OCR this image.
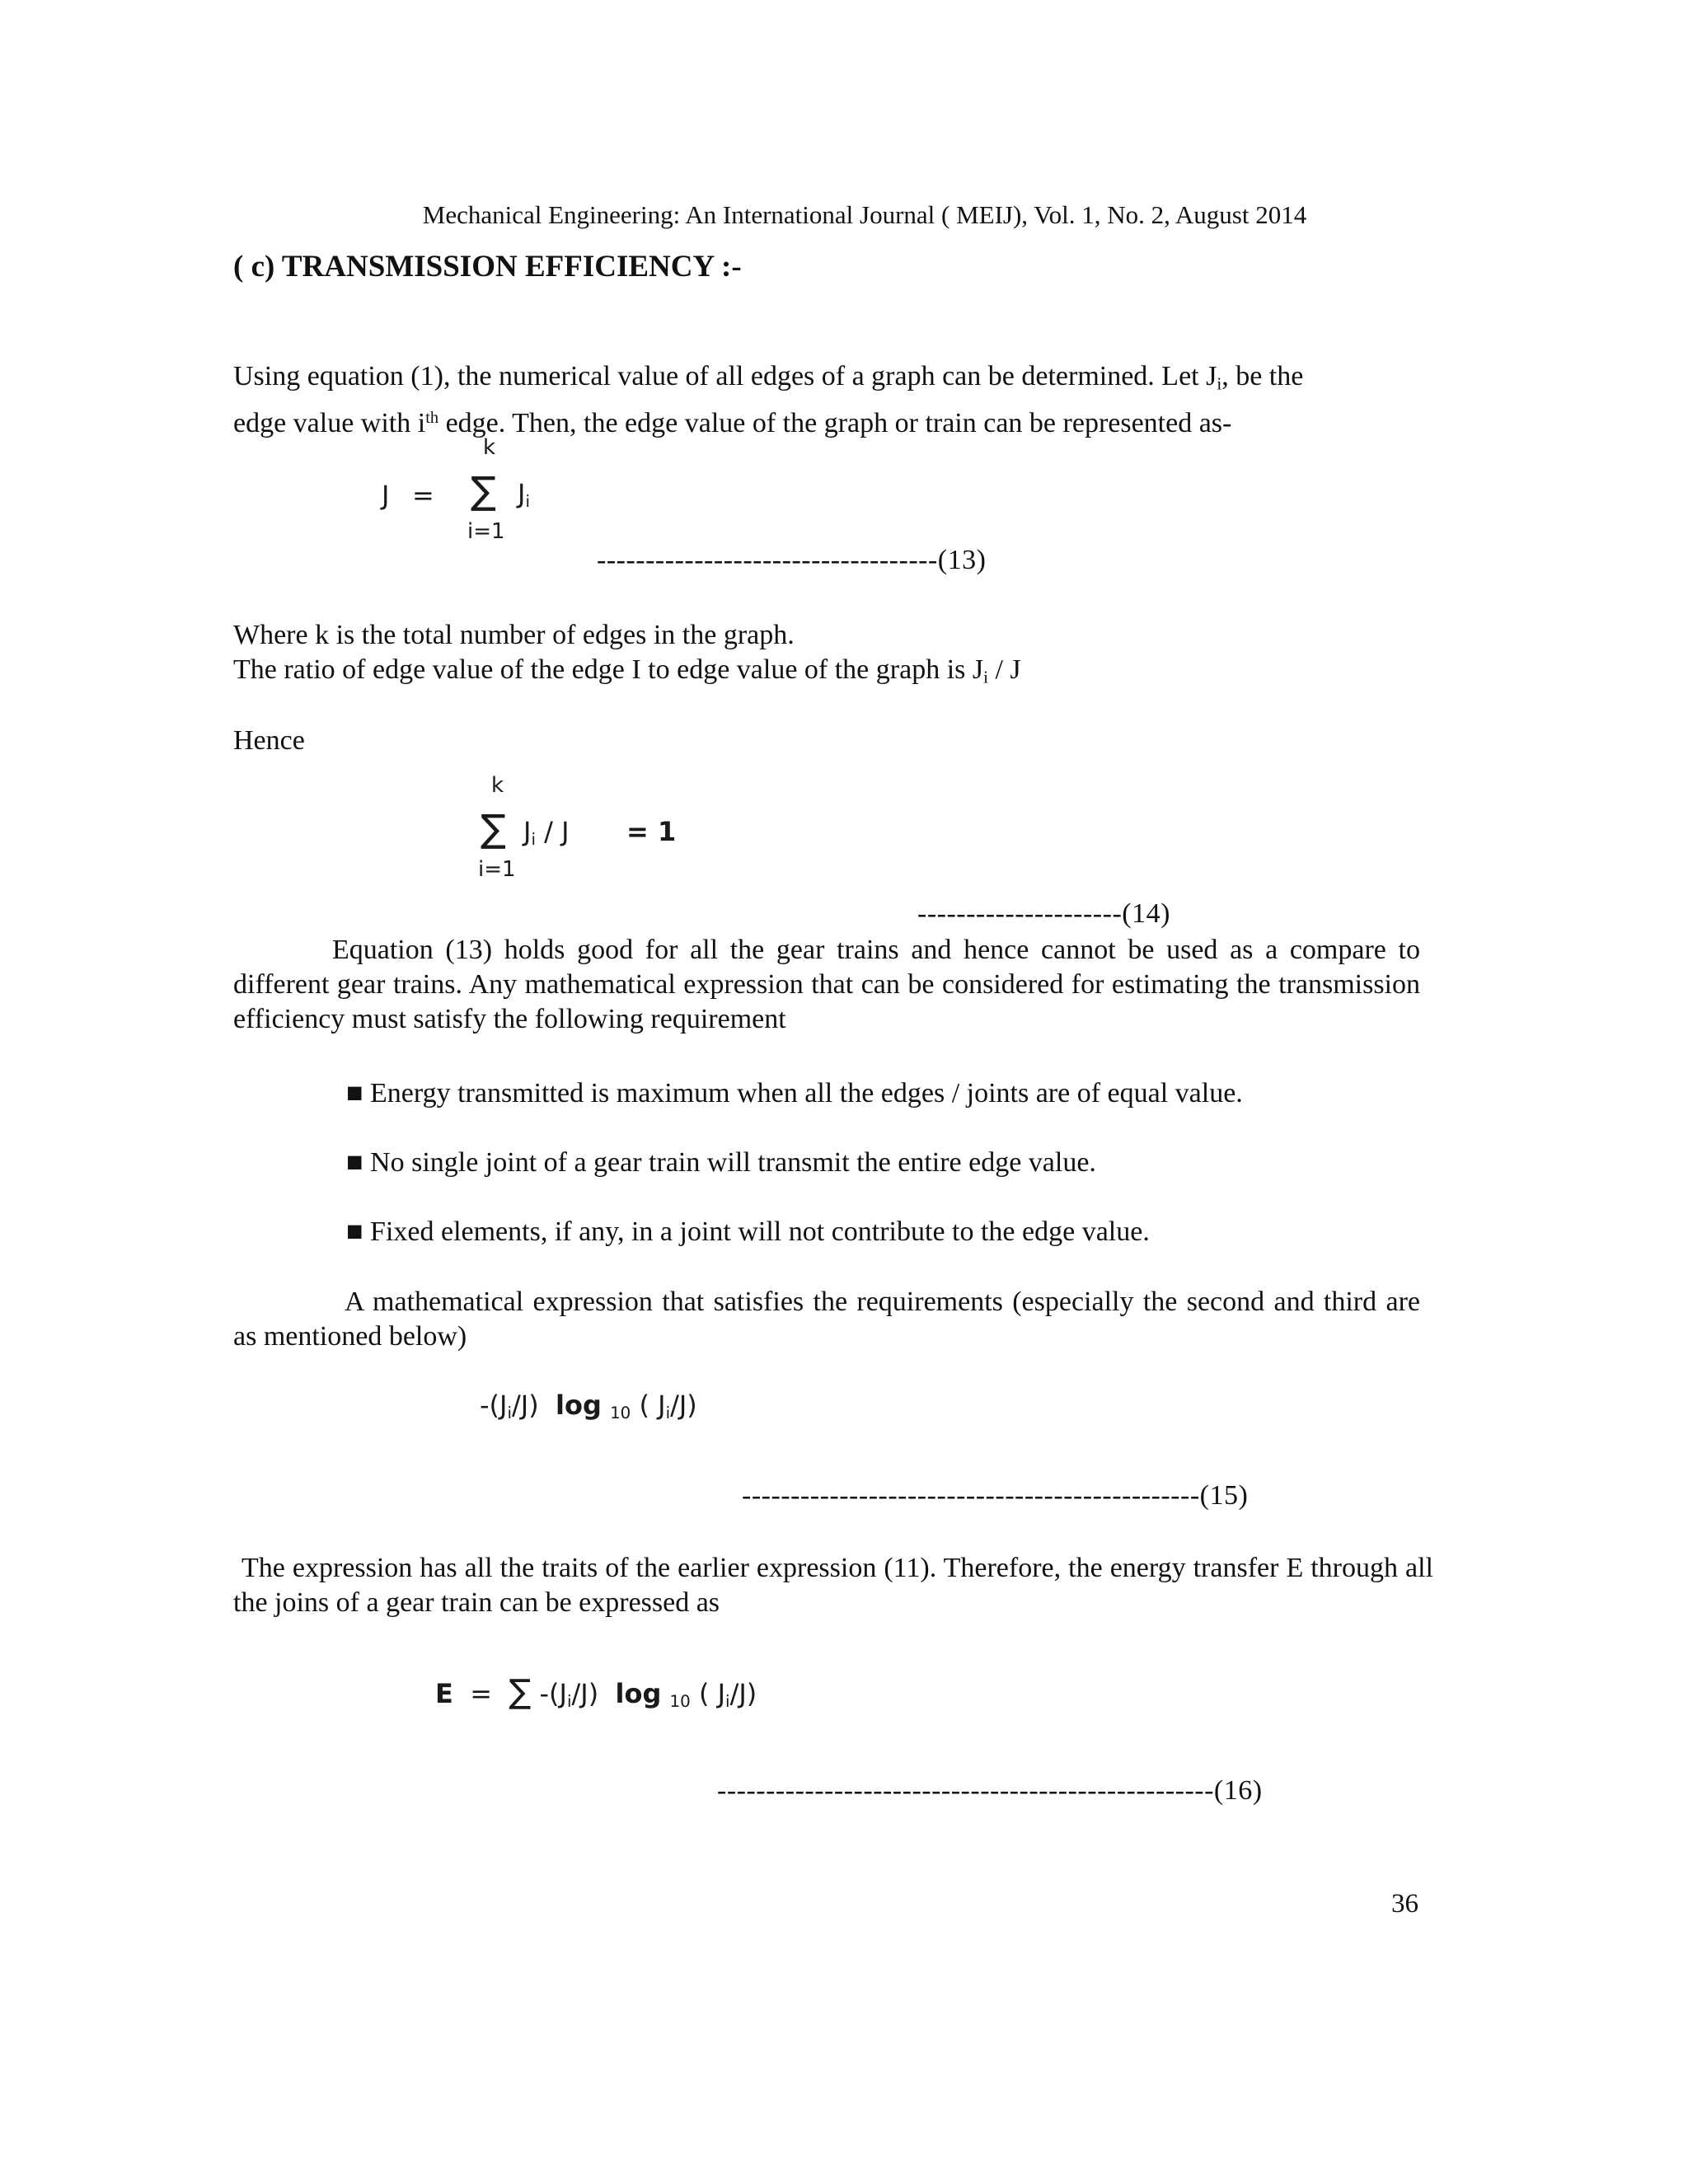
Mechanical Engineering: An International Journal ( MEIJ), Vol. 1, No. 2, August 2014
( c) TRANSMISSION EFFICIENCY :-
Using equation (1), the numerical value of all edges of a graph can be determined. Let $J_i$, be the
edge value with $i^{th}$ edge. Then, the edge value of the graph or train can be represented as-
J =
k
∑ $J_i$
i=1
-----------------------------------(13)
Where k is the total number of edges in the graph.
The ratio of edge value of the edge I to edge value of the graph is $J_i$ / J
Hence
k
∑ $J_i / J = 1$
i=1
---------------------(14)
Equation (13) holds good for all the gear trains and hence cannot be used as a compare to different gear trains. Any mathematical expression that can be considered for estimating the transmission efficiency must satisfy the following requirement
■ Energy transmitted is maximum when all the edges / joints are of equal value.
■ No single joint of a gear train will transmit the entire edge value.
■ Fixed elements, if any, in a joint will not contribute to the edge value.
A mathematical expression that satisfies the requirements (especially the second and third are as mentioned below)
$-(J_i/J)$ log $_{10}$ ( $J_i/J$)
-----------------------------------------------(15)
The expression has all the traits of the earlier expression (11). Therefore, the energy transfer E through all the joins of a gear train can be expressed as
E = ∑ $-(J_i/J)$ log $_{10}$ ( $J_i/J$)
---------------------------------------------------(16)
36
